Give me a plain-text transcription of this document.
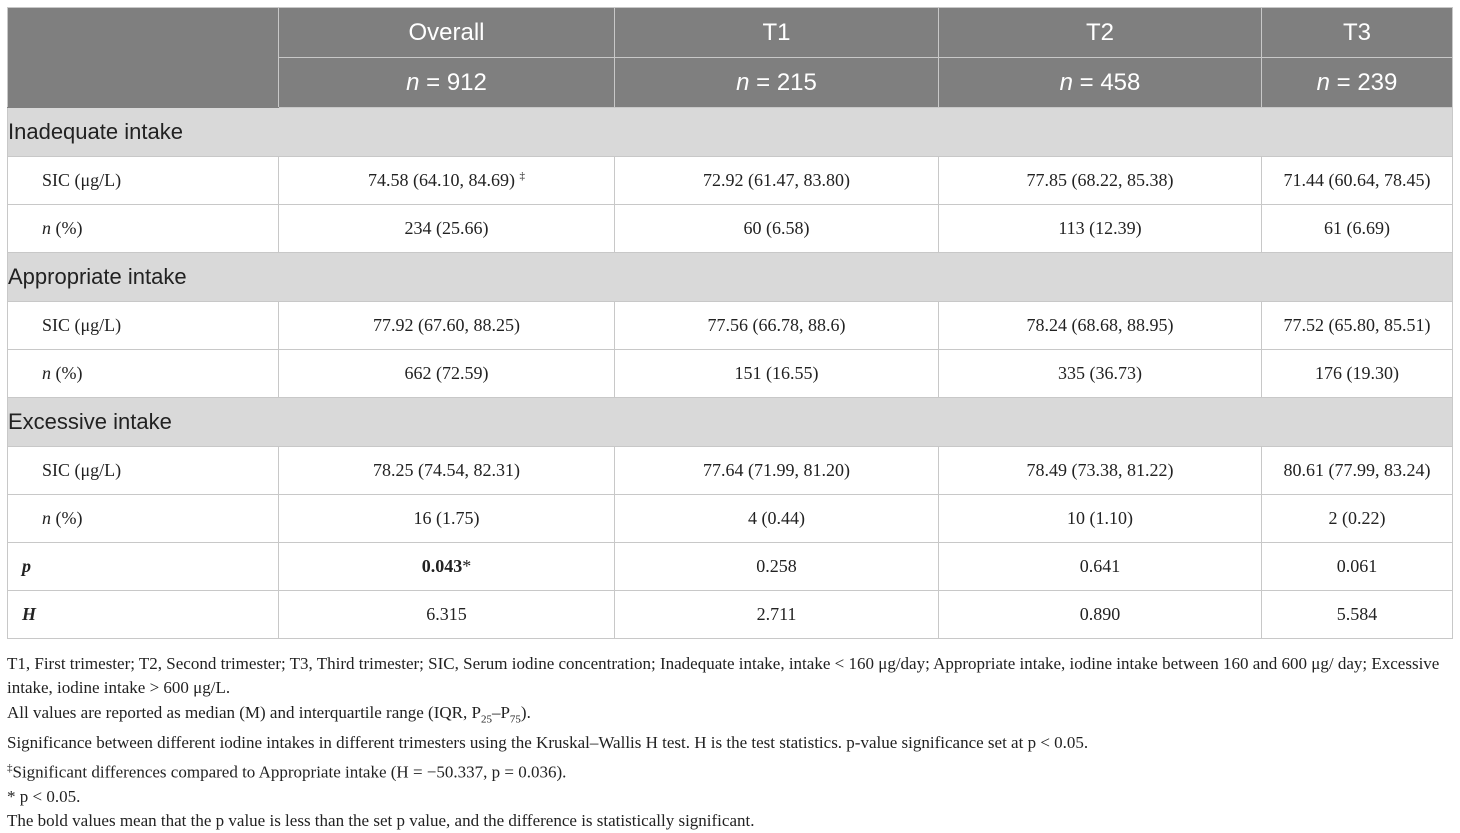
	Overall	T1	T2	T3
	n = 912	n = 215	n = 458	n = 239
Inadequate intake				
SIC (μg/L)	74.58 (64.10, 84.69) ‡	72.92 (61.47, 83.80)	77.85 (68.22, 85.38)	71.44 (60.64, 78.45)
n (%)	234 (25.66)	60 (6.58)	113 (12.39)	61 (6.69)
Appropriate intake				
SIC (μg/L)	77.92 (67.60, 88.25)	77.56 (66.78, 88.6)	78.24 (68.68, 88.95)	77.52 (65.80, 85.51)
n (%)	662 (72.59)	151 (16.55)	335 (36.73)	176 (19.30)
Excessive intake				
SIC (μg/L)	78.25 (74.54, 82.31)	77.64 (71.99, 81.20)	78.49 (73.38, 81.22)	80.61 (77.99, 83.24)
n (%)	16 (1.75)	4 (0.44)	10 (1.10)	2 (0.22)
p	0.043*	0.258	0.641	0.061
H	6.315	2.711	0.890	5.584

T1, First trimester; T2, Second trimester; T3, Third trimester; SIC, Serum iodine concentration; Inadequate intake, intake < 160 μg/day; Appropriate intake, iodine intake between 160 and 600 μg/ day; Excessive intake, iodine intake > 600 μg/L.

All values are reported as median (M) and interquartile range (IQR, $P_{25}-P_{75}$).

Significance between different iodine intakes in different trimesters using the Kruskal–Wallis H test. H is the test statistics. p-value significance set at p < 0.05.

‡Significant differences compared to Appropriate intake (H = −50.337, p = 0.036).

* p < 0.05.

The bold values mean that the p value is less than the set p value, and the difference is statistically significant.
